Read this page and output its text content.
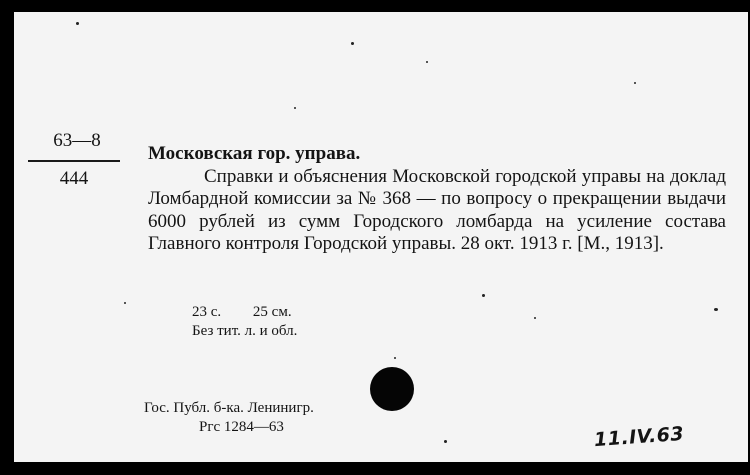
63—8
444
Московская гор. управа.
Справки и объяснения Московской городской управы на доклад Ломбардной комиссии за № 368 — по вопросу о прекращении выдачи 6000 рублей из сумм Городского ломбарда на усиление состава Главного контроля Городской управы. 28 окт. 1913 г. [М., 1913].
23 с. 25 см.
Без тит. л. и обл.
Гос. Публ. б-ка. Ленинигр.
Ргс 1284—63	11.IV.63
